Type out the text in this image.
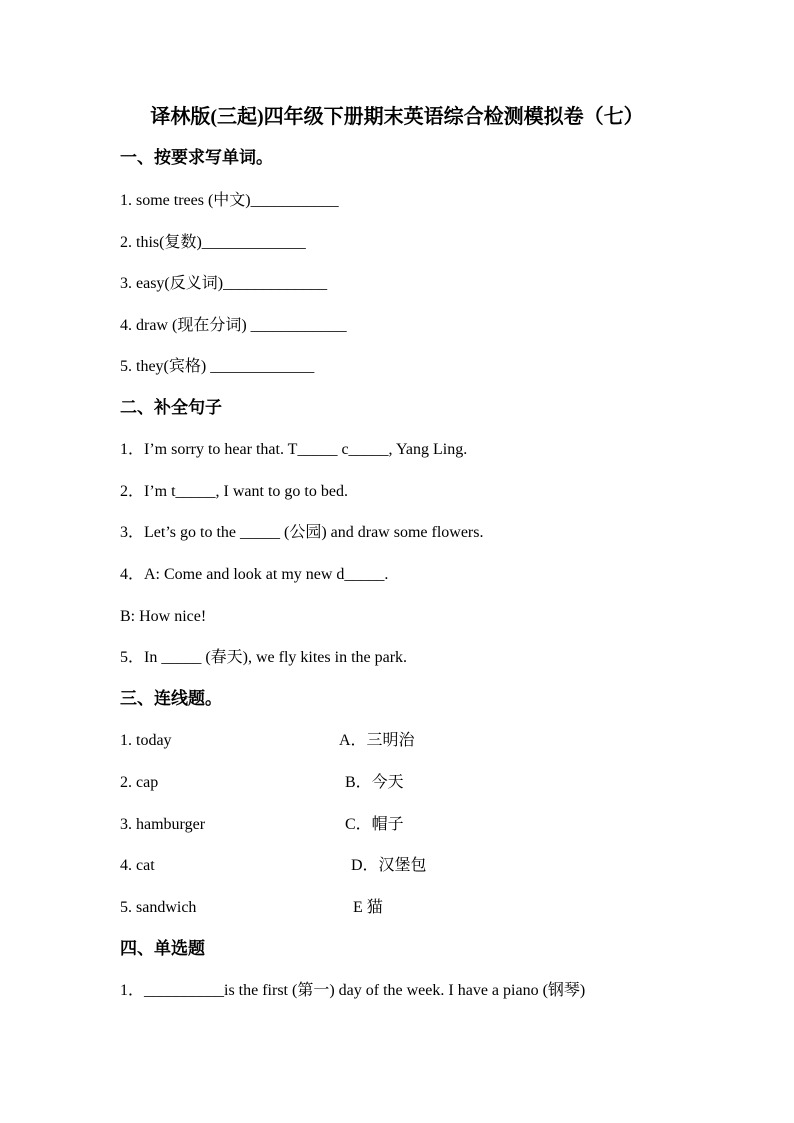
译林版(三起)四年级下册期末英语综合检测模拟卷（七）
一、按要求写单词。
1. some trees (中文)___________
2. this(复数)_____________
3. easy(反义词)_____________
4. draw (现在分词) ____________
5. they(宾格) _____________
二、补全句子
1．I’m sorry to hear that. T_____ c_____, Yang Ling.
2．I’m t_____, I want to go to bed.
3．Let’s go to the _____ (公园) and draw some flowers.
4．A: Come and look at my new d_____.
B: How nice!
5．In _____ (春天), we fly kites in the park.
三、连线题。
1. today
2. cap
3. hamburger
4. cat
5. sandwich
A．三明治
B．今天
C．帽子
D．汉堡包
E 猫
四、单选题
1．__________is the first (第一) day of the week. I have a piano (钢琴)
